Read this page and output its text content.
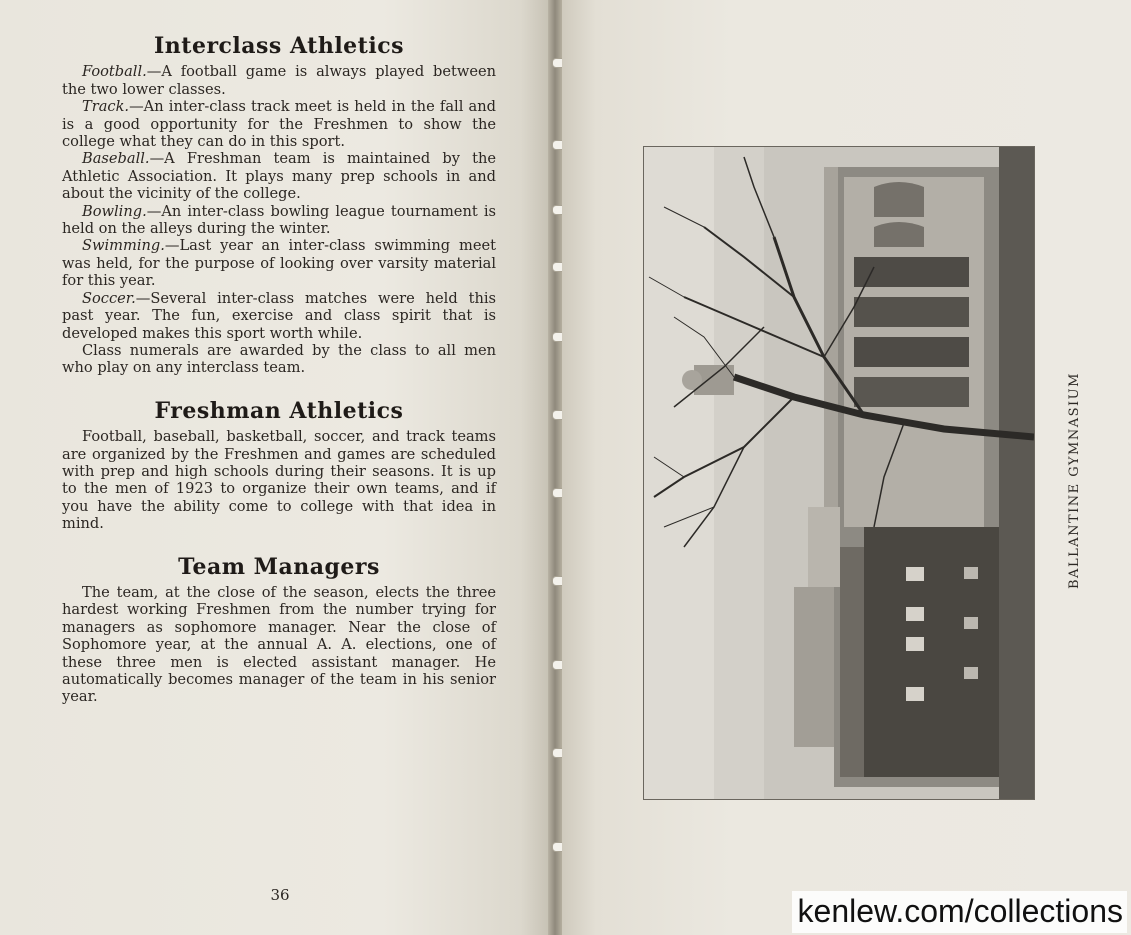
Interclass Athletics

Football.—A football game is always played between the two lower classes.

Track.—An inter-class track meet is held in the fall and is a good opportunity for the Freshmen to show the college what they can do in this sport.

Baseball.—A Freshman team is maintained by the Athletic Association. It plays many prep schools in and about the vicinity of the college.

Bowling.—An inter-class bowling league tournament is held on the alleys during the winter.

Swimming.—Last year an inter-class swimming meet was held, for the purpose of looking over varsity material for this year.

Soccer.—Several inter-class matches were held this past year. The fun, exercise and class spirit that is developed makes this sport worth while.

Class numerals are awarded by the class to all men who play on any interclass team.

Freshman Athletics

Football, baseball, basketball, soccer, and track teams are organized by the Freshmen and games are scheduled with prep and high schools during their seasons. It is up to the men of 1923 to organize their own teams, and if you have the ability come to college with that idea in mind.

Team Managers

The team, at the close of the season, elects the three hardest working Freshmen from the number trying for managers as sophomore manager. Near the close of Sophomore year, at the annual A. A. elections, one of these three men is elected assistant manager. He automatically becomes manager of the team in his senior year.

36
BALLANTINE GYMNASIUM
kenlew.com/collections
